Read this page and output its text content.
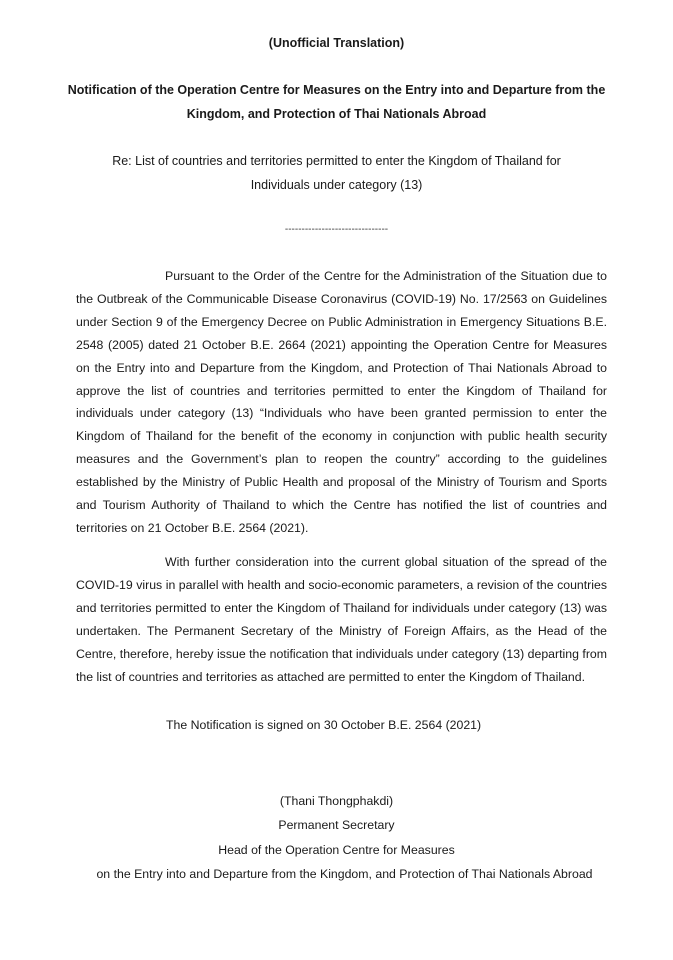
(Unofficial Translation)
Notification of the Operation Centre for Measures on the Entry into and Departure from the
Kingdom, and Protection of Thai Nationals Abroad
Re: List of countries and territories permitted to enter the Kingdom of Thailand for
Individuals under category (13)
-------------------------------

Pursuant to the Order of the Centre for the Administration of the Situation due to the Outbreak of the Communicable Disease Coronavirus (COVID-19) No. 17/2563 on Guidelines under Section 9 of the Emergency Decree on Public Administration in Emergency Situations B.E. 2548 (2005) dated 21 October B.E. 2664 (2021) appointing the Operation Centre for Measures on the Entry into and Departure from the Kingdom, and Protection of Thai Nationals Abroad to approve the list of countries and territories permitted to enter the Kingdom of Thailand for individuals under category (13) “Individuals who have been granted permission to enter the Kingdom of Thailand for the benefit of the economy in conjunction with public health security measures and the Government’s plan to reopen the country” according to the guidelines established by the Ministry of Public Health and proposal of the Ministry of Tourism and Sports and Tourism Authority of Thailand to which the Centre has notified the list of countries and territories on 21 October B.E. 2564 (2021).

With further consideration into the current global situation of the spread of the COVID-19 virus in parallel with health and socio-economic parameters, a revision of the countries and territories permitted to enter the Kingdom of Thailand for individuals under category (13) was undertaken. The Permanent Secretary of the Ministry of Foreign Affairs, as the Head of the Centre, therefore, hereby issue the notification that individuals under category (13) departing from the list of countries and territories as attached are permitted to enter the Kingdom of Thailand.

The Notification is signed on 30 October B.E. 2564 (2021)
(Thani Thongphakdi)
Permanent Secretary
Head of the Operation Centre for Measures
on the Entry into and Departure from the Kingdom, and Protection of Thai Nationals Abroad
